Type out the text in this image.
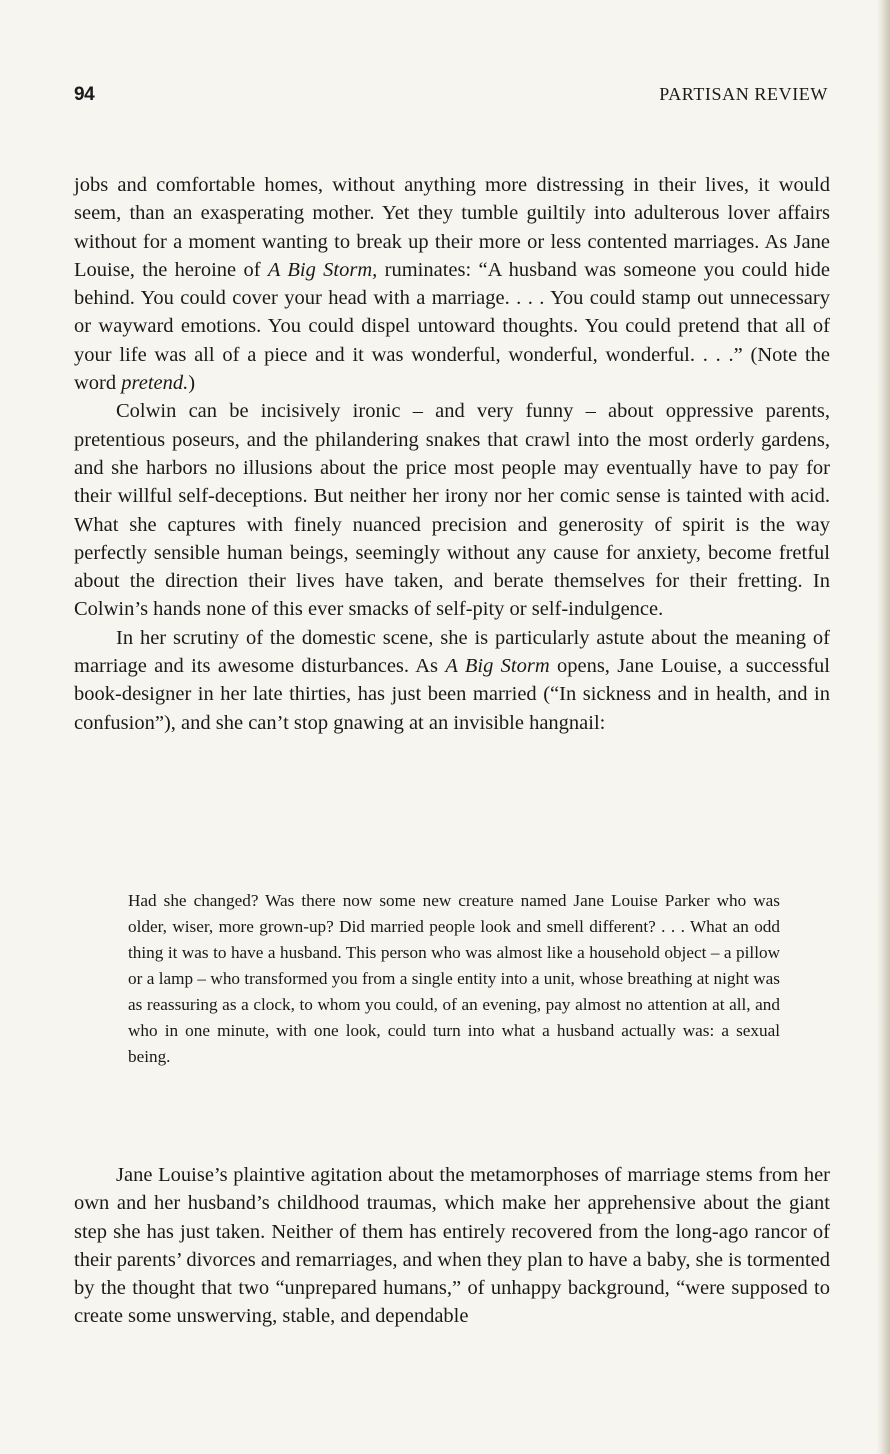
94	PARTISAN REVIEW

jobs and comfortable homes, without anything more distressing in their lives, it would seem, than an exasperating mother. Yet they tumble guiltily into adulterous lover affairs without for a moment wanting to break up their more or less contented marriages. As Jane Louise, the heroine of A Big Storm, ruminates: “A husband was someone you could hide behind. You could cover your head with a marriage. . . . You could stamp out unnecessary or wayward emotions. You could dispel untoward thoughts. You could pretend that all of your life was all of a piece and it was wonderful, wonderful, wonderful. . . .” (Note the word pretend.)

Colwin can be incisively ironic – and very funny – about oppressive parents, pretentious poseurs, and the philandering snakes that crawl into the most orderly gardens, and she harbors no illusions about the price most people may eventually have to pay for their willful self-deceptions. But neither her irony nor her comic sense is tainted with acid. What she captures with finely nuanced precision and generosity of spirit is the way perfectly sensible human beings, seemingly without any cause for anxiety, become fretful about the direction their lives have taken, and berate themselves for their fretting. In Colwin’s hands none of this ever smacks of self-pity or self-indulgence.

In her scrutiny of the domestic scene, she is particularly astute about the meaning of marriage and its awesome disturbances. As A Big Storm opens, Jane Louise, a successful book-designer in her late thirties, has just been married (“In sickness and in health, and in confusion”), and she can’t stop gnawing at an invisible hangnail:

Had she changed? Was there now some new creature named Jane Louise Parker who was older, wiser, more grown-up? Did married people look and smell different? . . . What an odd thing it was to have a husband. This person who was almost like a household object – a pillow or a lamp – who transformed you from a single entity into a unit, whose breathing at night was as reassuring as a clock, to whom you could, of an evening, pay almost no attention at all, and who in one minute, with one look, could turn into what a husband actually was: a sexual being.

Jane Louise’s plaintive agitation about the metamorphoses of marriage stems from her own and her husband’s childhood traumas, which make her apprehensive about the giant step she has just taken. Neither of them has entirely recovered from the long-ago rancor of their parents’ divorces and remarriages, and when they plan to have a baby, she is tormented by the thought that two “unprepared humans,” of unhappy background, “were supposed to create some unswerving, stable, and dependable
